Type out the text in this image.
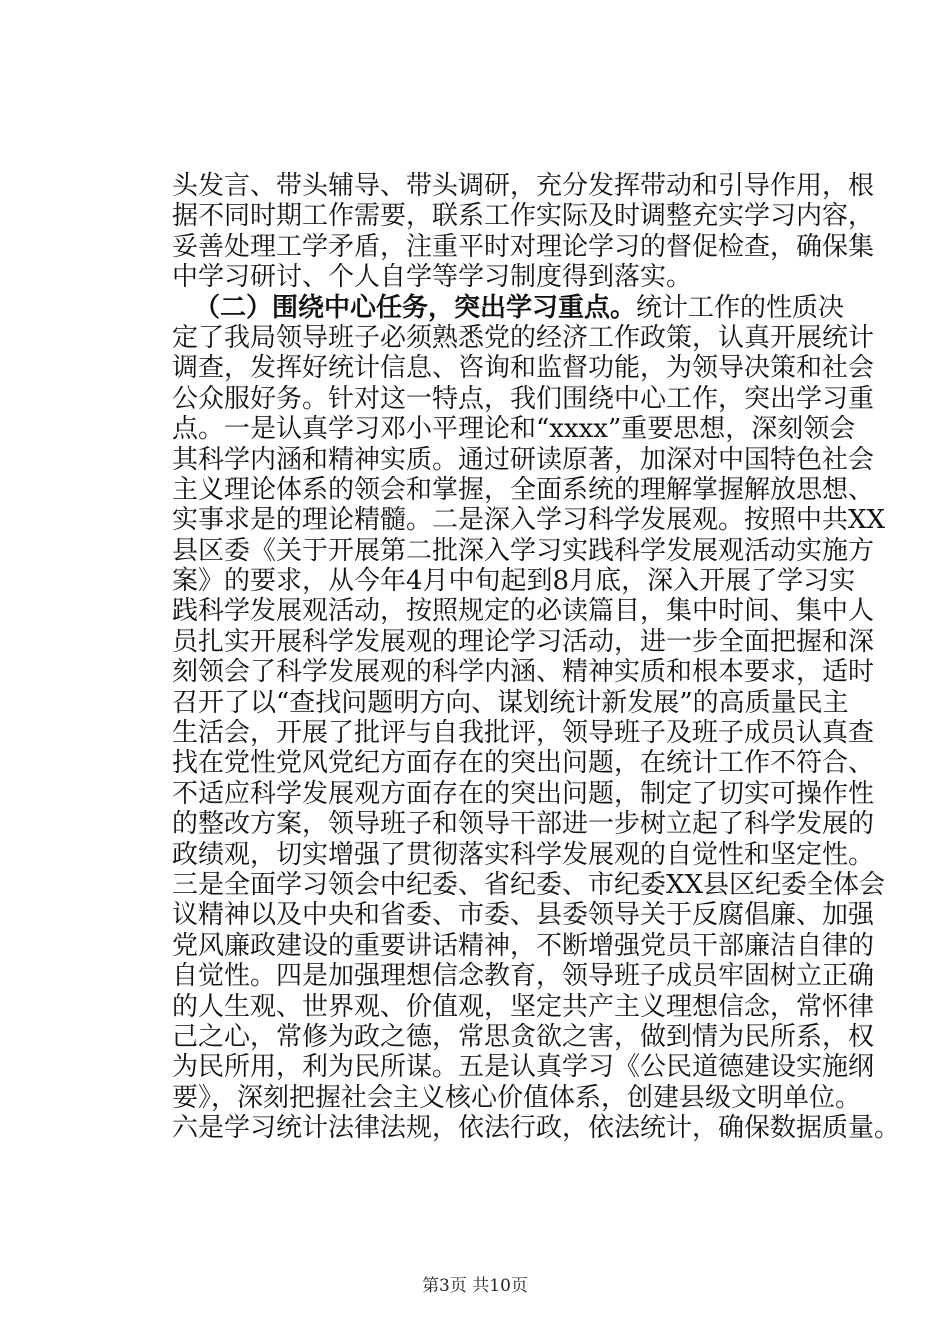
头发言、带头辅导、带头调研，充分发挥带动和引导作用，根
据不同时期工作需要，联系工作实际及时调整充实学习内容，
妥善处理工学矛盾，注重平时对理论学习的督促检查，确保集
中学习研讨、个人自学等学习制度得到落实。
（二）围绕中心任务，突出学习重点。统计工作的性质决
定了我局领导班子必须熟悉党的经济工作政策，认真开展统计
调查，发挥好统计信息、咨询和监督功能，为领导决策和社会
公众服好务。针对这一特点，我们围绕中心工作，突出学习重
点。一是认真学习邓小平理论和“xxxx”重要思想，深刻领会
其科学内涵和精神实质。通过研读原著，加深对中国特色社会
主义理论体系的领会和掌握，全面系统的理解掌握解放思想、
实事求是的理论精髓。二是深入学习科学发展观。按照中共XX
县区委《关于开展第二批深入学习实践科学发展观活动实施方
案》的要求，从今年4月中旬起到8月底，深入开展了学习实
践科学发展观活动，按照规定的必读篇目，集中时间、集中人
员扎实开展科学发展观的理论学习活动，进一步全面把握和深
刻领会了科学发展观的科学内涵、精神实质和根本要求，适时
召开了以“查找问题明方向、谋划统计新发展”的高质量民主
生活会，开展了批评与自我批评，领导班子及班子成员认真查
找在党性党风党纪方面存在的突出问题，在统计工作不符合、
不适应科学发展观方面存在的突出问题，制定了切实可操作性
的整改方案，领导班子和领导干部进一步树立起了科学发展的
政绩观，切实增强了贯彻落实科学发展观的自觉性和坚定性。
三是全面学习领会中纪委、省纪委、市纪委XX县区纪委全体会
议精神以及中央和省委、市委、县委领导关于反腐倡廉、加强
党风廉政建设的重要讲话精神，不断增强党员干部廉洁自律的
自觉性。四是加强理想信念教育，领导班子成员牢固树立正确
的人生观、世界观、价值观，坚定共产主义理想信念，常怀律
己之心，常修为政之德，常思贪欲之害，做到情为民所系，权
为民所用，利为民所谋。五是认真学习《公民道德建设实施纲
要》，深刻把握社会主义核心价值体系，创建县级文明单位。
六是学习统计法律法规，依法行政，依法统计，确保数据质量。
第3页 共10页
